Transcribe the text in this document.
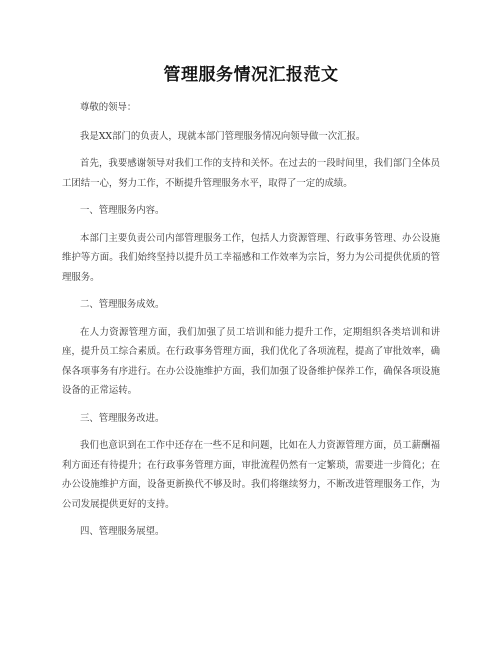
管理服务情况汇报范文

尊敬的领导：

我是XX部门的负责人，现就本部门管理服务情况向领导做一次汇报。

首先，我要感谢领导对我们工作的支持和关怀。在过去的一段时间里，我们部门全体员工团结一心，努力工作，不断提升管理服务水平，取得了一定的成绩。

一、管理服务内容。

本部门主要负责公司内部管理服务工作，包括人力资源管理、行政事务管理、办公设施维护等方面。我们始终坚持以提升员工幸福感和工作效率为宗旨，努力为公司提供优质的管理服务。

二、管理服务成效。

在人力资源管理方面，我们加强了员工培训和能力提升工作，定期组织各类培训和讲座，提升员工综合素质。在行政事务管理方面，我们优化了各项流程，提高了审批效率，确保各项事务有序进行。在办公设施维护方面，我们加强了设备维护保养工作，确保各项设施设备的正常运转。

三、管理服务改进。

我们也意识到在工作中还存在一些不足和问题，比如在人力资源管理方面，员工薪酬福利方面还有待提升；在行政事务管理方面，审批流程仍然有一定繁琐，需要进一步简化；在办公设施维护方面，设备更新换代不够及时。我们将继续努力，不断改进管理服务工作，为公司发展提供更好的支持。

四、管理服务展望。
